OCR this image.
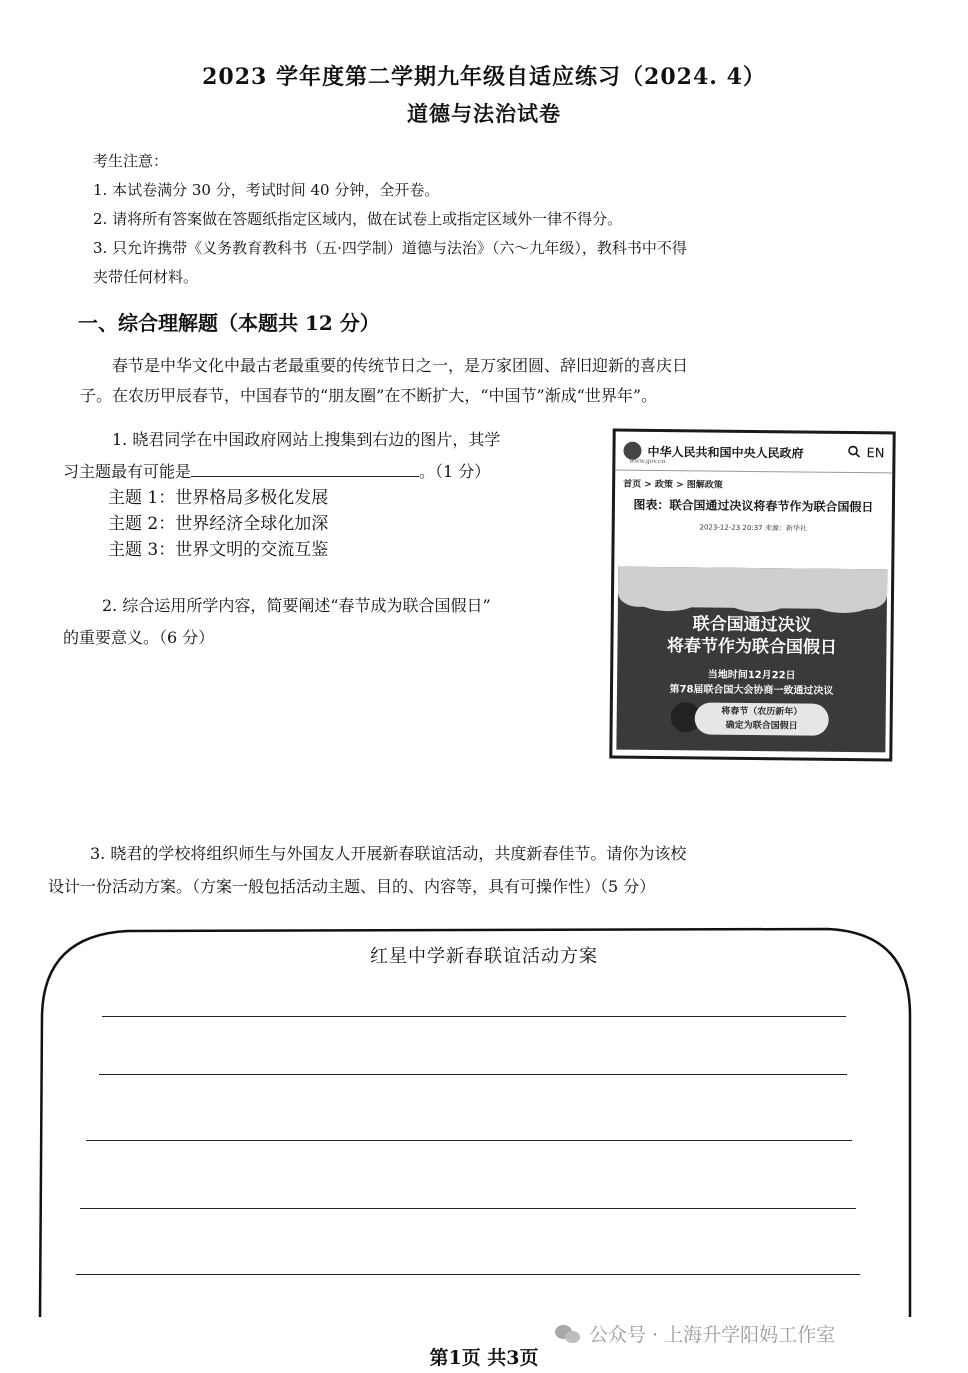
2023 学年度第二学期九年级自适应练习（2024. 4）
道德与法治试卷
考生注意：
1. 本试卷满分 30 分，考试时间 40 分钟，全开卷。
2. 请将所有答案做在答题纸指定区域内，做在试卷上或指定区域外一律不得分。
3. 只允许携带《义务教育教科书（五·四学制）道德与法治》（六～九年级），教科书中不得
夹带任何材料。
一、综合理解题（本题共 12 分）
春节是中华文化中最古老最重要的传统节日之一，是万家团圆、辞旧迎新的喜庆日
子。在农历甲辰春节，中国春节的“朋友圈”在不断扩大，“中国节”渐成“世界年”。
1. 晓君同学在中国政府网站上搜集到右边的图片，其学
习主题最有可能是	。（1 分）
主题 1：世界格局多极化发展
主题 2：世界经济全球化加深
主题 3：世界文明的交流互鉴
2. 综合运用所学内容，简要阐述“春节成为联合国假日”
的重要意义。（6 分）
中华人民共和国中央人民政府	EN
www.gov.cn
首页 > 政策 > 图解政策
图表：联合国通过决议将春节作为联合国假日
2023-12-23 20:37 来源：新华社
联合国通过决议
将春节作为联合国假日
当地时间12月22日
第78届联合国大会协商一致通过决议
将春节（农历新年）
确定为联合国假日
3. 晓君的学校将组织师生与外国友人开展新春联谊活动，共度新春佳节。请你为该校
设计一份活动方案。（方案一般包括活动主题、目的、内容等，具有可操作性）（5 分）
红星中学新春联谊活动方案
公众号 · 上海升学阳妈工作室
第1页 共3页
